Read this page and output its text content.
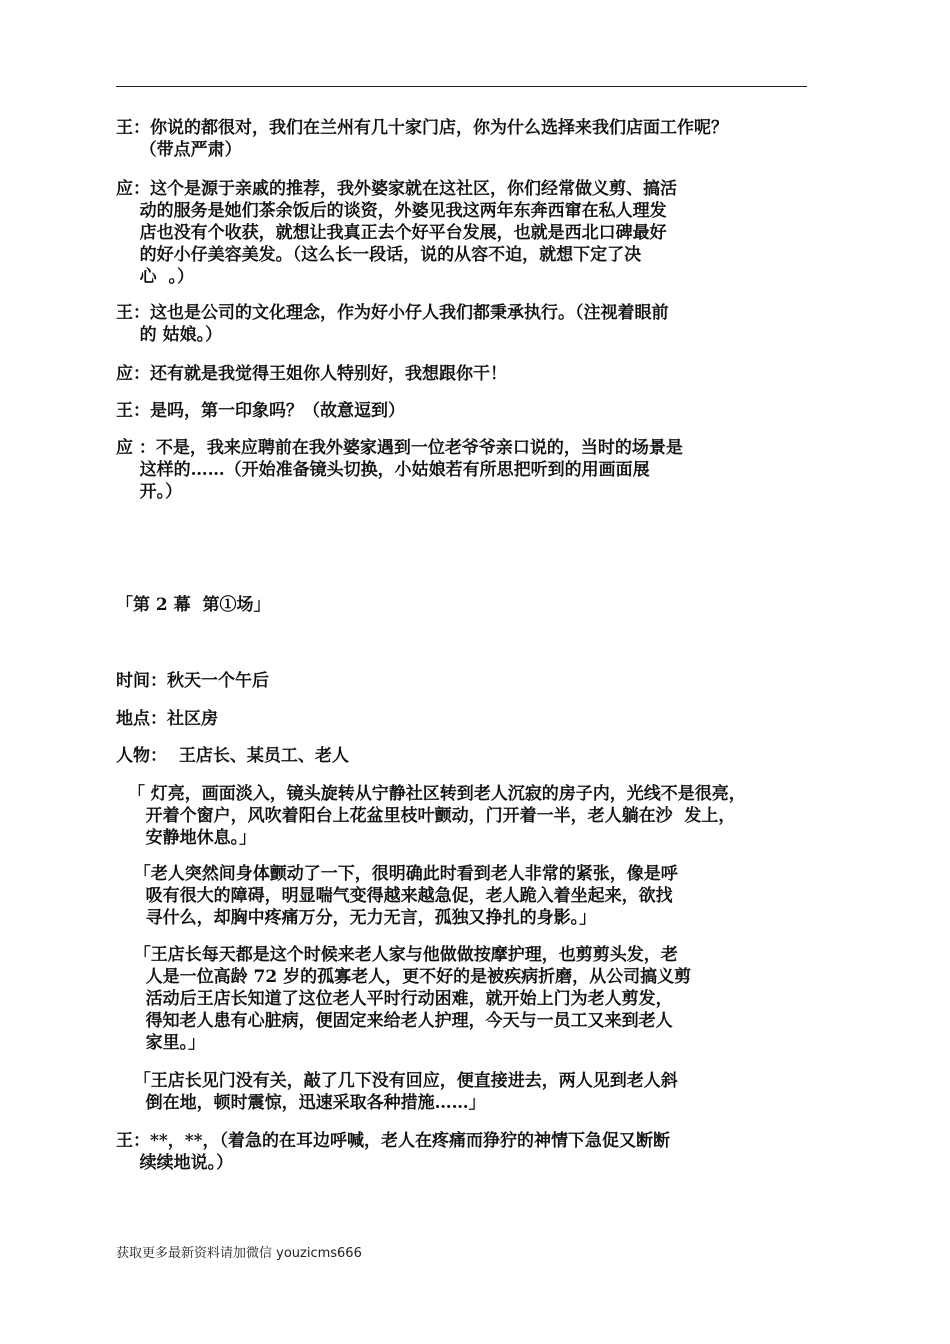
王：你说的都很对，我们在兰州有几十家门店，你为什么选择来我们店面工作呢？
（带点严肃）
应：这个是源于亲戚的推荐，我外婆家就在这社区，你们经常做义剪、搞活
动的服务是她们茶余饭后的谈资，外婆见我这两年东奔西窜在私人理发
店也没有个收获，就想让我真正去个好平台发展，也就是西北口碑最好
的好小仔美容美发。（这么长一段话，说的从容不迫，就想下定了决
心  。）
王：这也是公司的文化理念，作为好小仔人我们都秉承执行。（注视着眼前
的 姑娘。）
应：还有就是我觉得王姐你人特别好，我想跟你干！
王：是吗，第一印象吗？（故意逗到）
应 ：不是，我来应聘前在我外婆家遇到一位老爷爷亲口说的，当时的场景是
这样的……（开始准备镜头切换，小姑娘若有所思把听到的用画面展
开。）
「第 2 幕  第①场」
时间：秋天一个午后
地点：社区房
人物：  王店长、某员工、老人
「 灯亮，画面淡入，镜头旋转从宁静社区转到老人沉寂的房子内，光线不是很亮，
开着个窗户，风吹着阳台上花盆里枝叶颤动，门开着一半，老人躺在沙  发上，
安静地休息。」
「老人突然间身体颤动了一下，很明确此时看到老人非常的紧张，像是呼
吸有很大的障碍，明显喘气变得越来越急促，老人跪入着坐起来，欲找
寻什么，却胸中疼痛万分，无力无言，孤独又挣扎的身影。」
「王店长每天都是这个时候来老人家与他做做按摩护理，也剪剪头发，老
人是一位高龄 72 岁的孤寡老人，更不好的是被疾病折磨，从公司搞义剪
活动后王店长知道了这位老人平时行动困难，就开始上门为老人剪发，
得知老人患有心脏病，便固定来给老人护理，今天与一员工又来到老人
家里。」
「王店长见门没有关，敲了几下没有回应，便直接进去，两人见到老人斜
倒在地，顿时震惊，迅速采取各种措施……」
王：**，**，（着急的在耳边呼喊，老人在疼痛而狰狞的神情下急促又断断
续续地说。）
获取更多最新资料请加微信 youzicms666
